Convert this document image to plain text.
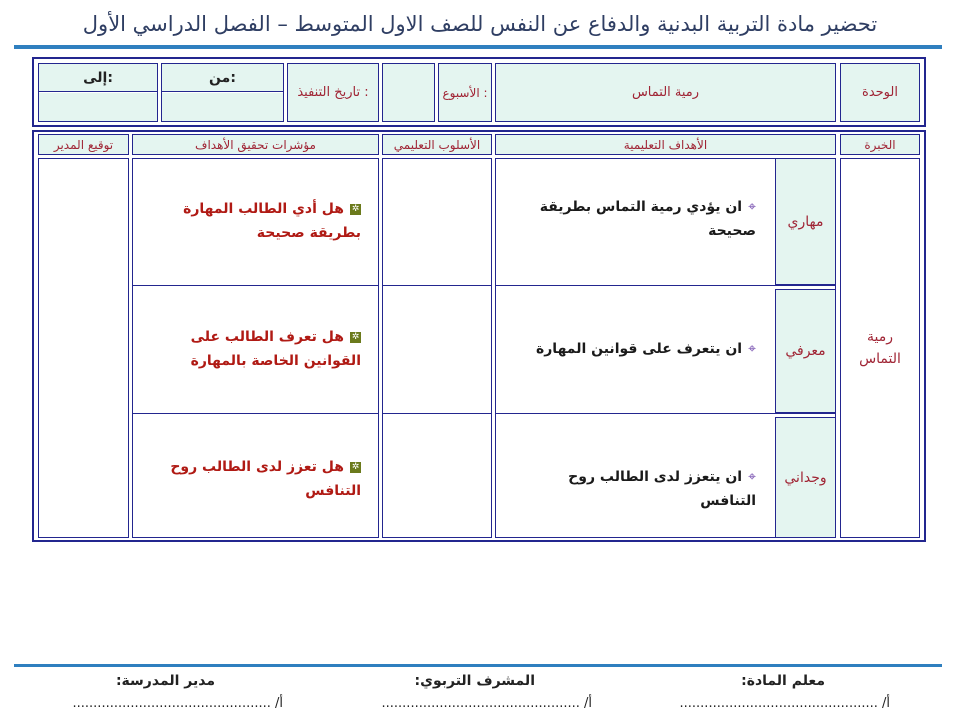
تحضير مادة التربية البدنية والدفاع عن النفس للصف الاول المتوسط – الفصل الدراسي الأول
الوحدة
رمية التماس
الأسبوع :
تاريخ التنفيذ :
من:
إلى:
الخبرة
الأهداف التعليمية
الأسلوب التعليمي
مؤشرات تحقيق الأهداف
توقيع المدير
رمية التماس
مهاري
⌖ان يؤدي رمية التماس بطريقة صحيحة
معرفي
⌖ان يتعرف على قوانين المهارة
وجداني
⌖ان يتعزز لدى الطالب روح التنافس
✲هل أدي الطالب المهارة بطريقة صحيحة
✲هل تعرف الطالب على القوانين الخاصة بالمهارة
✲هل تعزز لدى الطالب روح التنافس
معلم المادة:
أ/ ................................................
المشرف التربوي:
أ/ ................................................
مدير المدرسة:
أ/ ................................................
